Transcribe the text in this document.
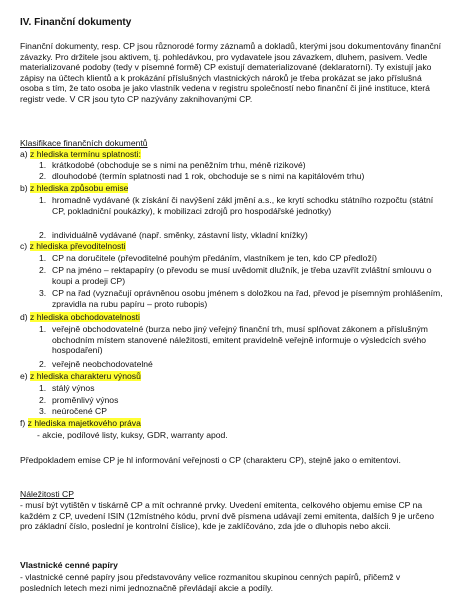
IV. Finanční dokumenty

Finanční dokumenty, resp. CP jsou různorodé formy záznamů a dokladů, kterými jsou dokumentovány finanční závazky. Pro držitele jsou aktivem, tj. pohledávkou, pro vydavatele jsou závazkem, dluhem, pasivem. Vedle materializované podoby (tedy v písemné formě) CP existují dematerializované (deklaratorní). Ty existují jako zápisy na účtech klientů a k prokázání příslušných vlastnických nároků je třeba prokázat se jako příslušná osoba s tím, že tato osoba je jako vlastník vedena v registru společností nebo finanční či jiné instituce, která registr vede. V CR jsou tyto CP nazývány zaknihovanými CP.

Klasifikace finančních dokumentů
a) z hlediska termínu splatnosti:
1. krátkodobé (obchoduje se s nimi na peněžním trhu, méně rizikové)
2. dlouhodobé (termín splatnosti nad 1 rok, obchoduje se s nimi na kapitálovém trhu)
b) z hlediska způsobu emise
1. hromadně vydávané (k získání či navýšení zákl jmění a.s., ke krytí schodku státního rozpočtu (státní CP, pokladniční poukázky), k mobilizaci zdrojů pro hospodářské jednotky)
2. individuálně vydávané (např. směnky, zástavní listy, vkladní knížky)
c) z hlediska převoditelnosti
1. CP na doručitele (převoditelné pouhým předáním, vlastníkem je ten, kdo CP předloží)
2. CP na jméno – rektapapíry (o převodu se musí uvědomit dlužník, je třeba uzavřít zvláštní smlouvu o koupi a prodeji CP)
3. CP na řad (vyznačují oprávněnou osobu jménem s doložkou na řad, převod je písemným prohlášením, zpravidla na rubu papíru – proto rubopis)
d) z hlediska obchodovatelnosti
1. veřejně obchodovatelné (burza nebo jiný veřejný finanční trh, musí splňovat zákonem a příslušným obchodním místem stanovené náležitosti, emitent pravidelně veřejně informuje o výsledcích svého hospodaření)
2. veřejně neobchodovatelné
e) z hlediska charakteru výnosů
1. stálý výnos
2. proměnlivý výnos
3. neúročené CP
f) z hlediska majetkového práva
- akcie, podílové listy, kuksy, GDR, warranty apod.

Předpokladem emise CP je hl informování veřejnosti o CP (charakteru CP), stejně jako o emitentovi.

Náležitosti CP

- musí být vytištěn v tiskárně CP a mít ochranné prvky. Uvedení emitenta, celkového objemu emise CP na každém z CP, uvedení ISIN (12místného kódu, první dvě písmena udávají zemi emitenta, dalších 9 je určeno pro základní číslo, poslední je kontrolní číslice), kde je zaklíčováno, zda jde o dluhopis nebo akcii.

Vlastnické cenné papíry

- vlastnické cenné papíry jsou představovány velice rozmanitou skupinou cenných papírů, přičemž v posledních letech mezi nimi jednoznačně převládají akcie a podíly.
